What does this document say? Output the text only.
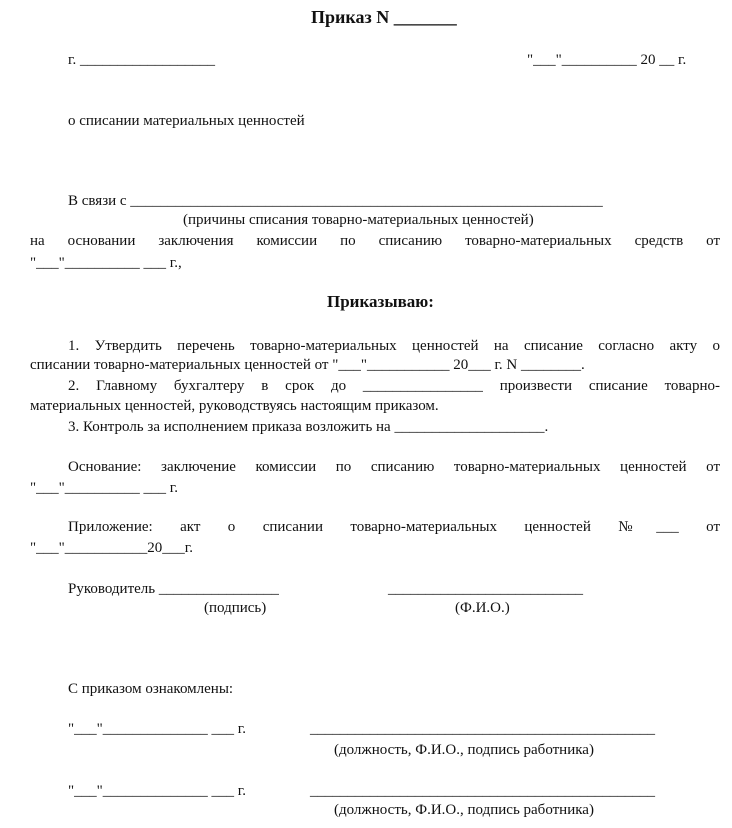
Приказ N _______
г. __________________	"___"__________ 20 __ г.
о списании материальных ценностей
В связи с _______________________________________________________________
(причины списания товарно-материальных ценностей)
на основании заключения комиссии по списанию товарно-материальных средств от
"___"__________ ___ г.,
Приказываю:
1. Утвердить перечень товарно-материальных ценностей на списание согласно акту о
списании товарно-материальных ценностей от "___"___________ 20___ г. N ________.
2. Главному бухгалтеру в срок до ________________ произвести списание товарно-
материальных ценностей, руководствуясь настоящим приказом.
3. Контроль за исполнением приказа возложить на ____________________.
Основание: заключение комиссии по списанию товарно-материальных ценностей от
"___"__________ ___ г.
Приложение: акт о списании товарно-материальных ценностей №___ от
"___"___________20___г.
Руководитель ________________	__________________________
(подпись)	(Ф.И.О.)
С приказом ознакомлены:
"___"______________ ___ г.	______________________________________________
(должность, Ф.И.О., подпись работника)
"___"______________ ___ г.	______________________________________________
(должность, Ф.И.О., подпись работника)
